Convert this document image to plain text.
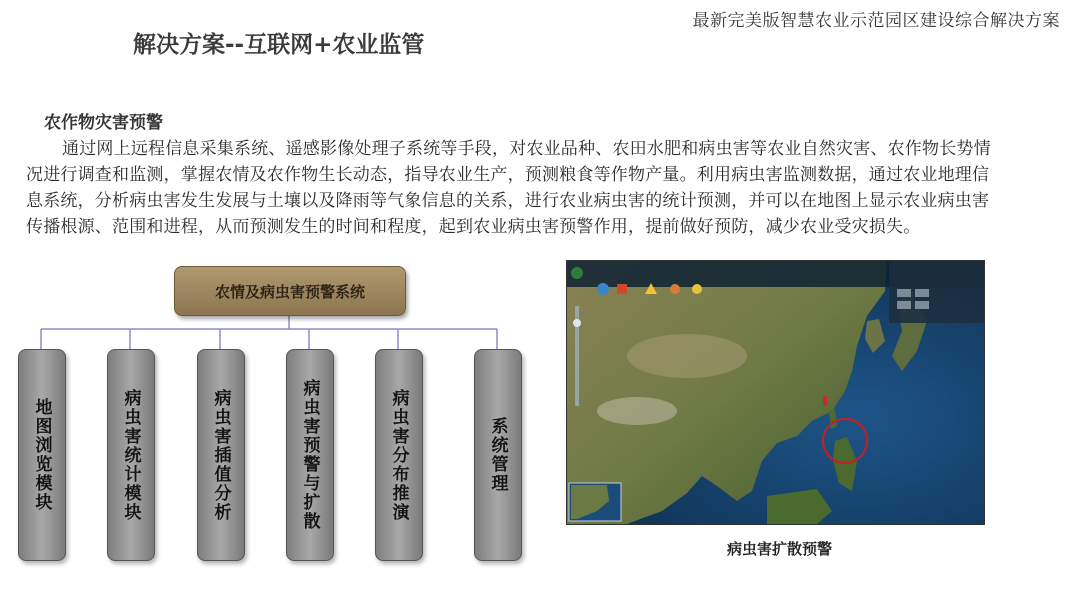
最新完美版智慧农业示范园区建设综合解决方案
解决方案--互联网+农业监管
农作物灾害预警
通过网上远程信息采集系统、遥感影像处理子系统等手段，对农业品种、农田水肥和病虫害等农业自然灾害、农作物长势情况进行调查和监测，掌握农情及农作物生长动态，指导农业生产，预测粮食等作物产量。利用病虫害监测数据，通过农业地理信息系统，分析病虫害发生发展与土壤以及降雨等气象信息的关系，进行农业病虫害的统计预测，并可以在地图上显示农业病虫害传播根源、范围和进程，从而预测发生的时间和程度，起到农业病虫害预警作用，提前做好预防，减少农业受灾损失。
农情及病虫害预警系统
地图浏览模块	病虫害统计模块	病虫害插值分析	病虫害预警与扩散	病虫害分布推演	系统管理
病虫害扩散预警
